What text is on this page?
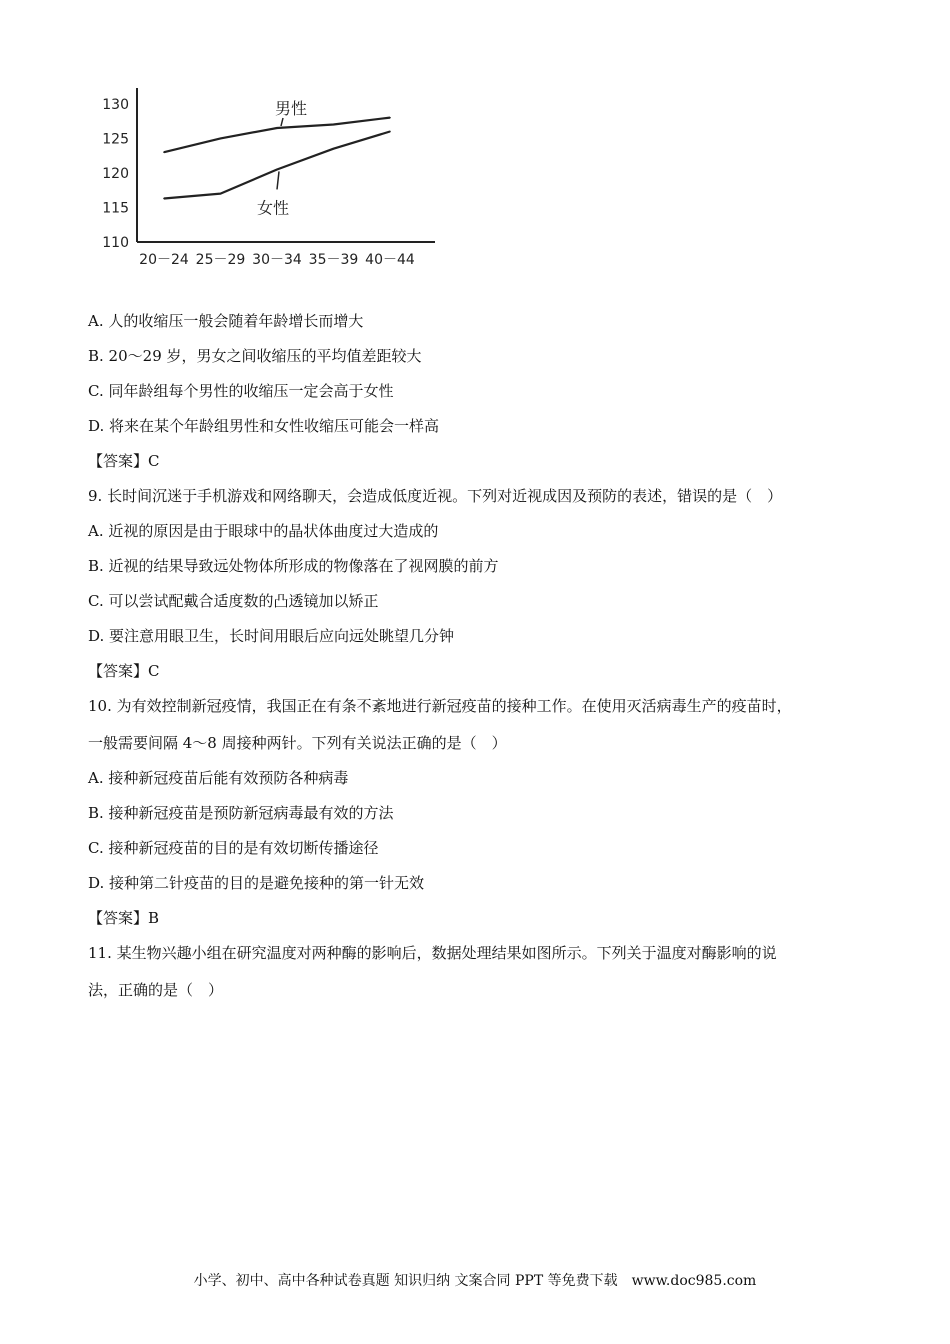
130
125
120
115
110
20－24 25－29 30－34 35－39 40－44
男性
女性
A. 人的收缩压一般会随着年龄增长而增大
B. 20～29 岁，男女之间收缩压的平均值差距较大
C. 同年龄组每个男性的收缩压一定会高于女性
D. 将来在某个年龄组男性和女性收缩压可能会一样高
【答案】C
9. 长时间沉迷于手机游戏和网络聊天，会造成低度近视。下列对近视成因及预防的表述，错误的是（　）
A. 近视的原因是由于眼球中的晶状体曲度过大造成的
B. 近视的结果导致远处物体所形成的物像落在了视网膜的前方
C. 可以尝试配戴合适度数的凸透镜加以矫正
D. 要注意用眼卫生，长时间用眼后应向远处眺望几分钟
【答案】C
10. 为有效控制新冠疫情，我国正在有条不紊地进行新冠疫苗的接种工作。在使用灭活病毒生产的疫苗时，
一般需要间隔 4～8 周接种两针。下列有关说法正确的是（　）
A. 接种新冠疫苗后能有效预防各种病毒
B. 接种新冠疫苗是预防新冠病毒最有效的方法
C. 接种新冠疫苗的目的是有效切断传播途径
D. 接种第二针疫苗的目的是避免接种的第一针无效
【答案】B
11. 某生物兴趣小组在研究温度对两种酶的影响后，数据处理结果如图所示。下列关于温度对酶影响的说
法，正确的是（　）
小学、初中、高中各种试卷真题 知识归纳 文案合同 PPT 等免费下载　www.doc985.com
